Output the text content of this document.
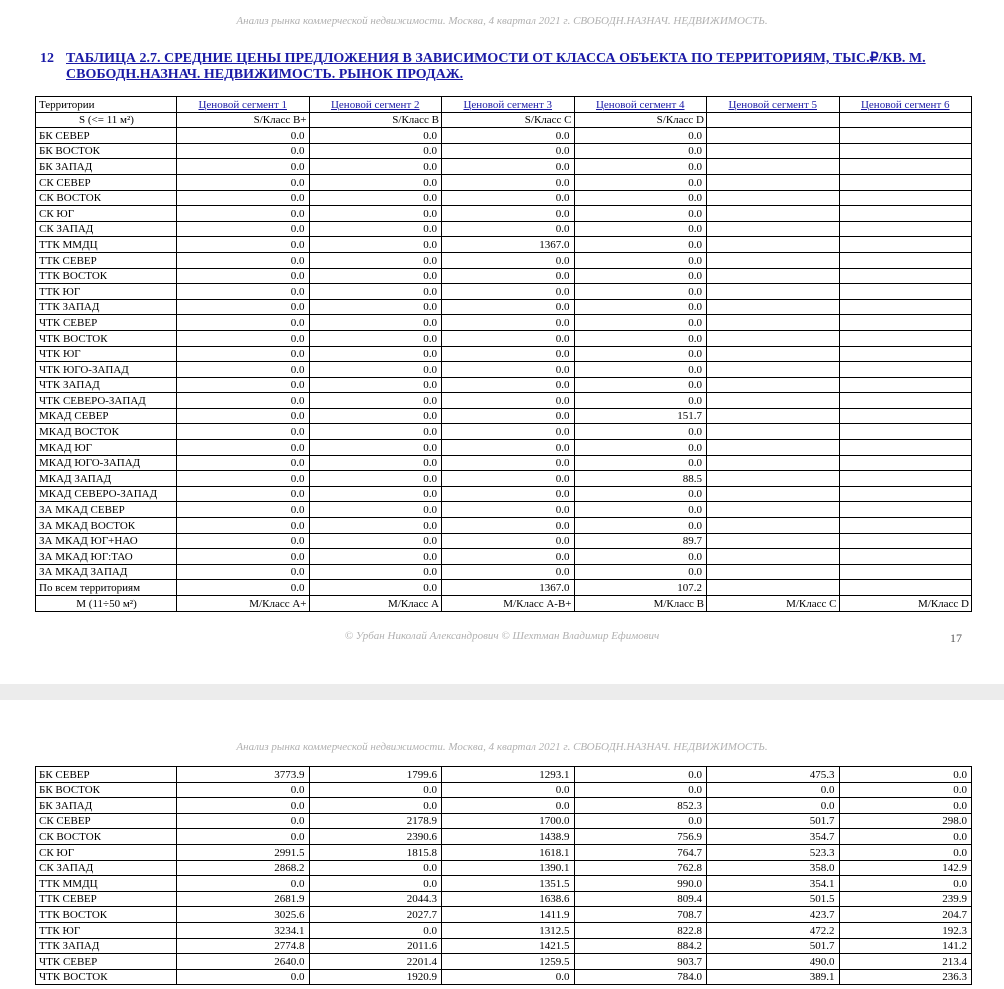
Анализ рынка коммерческой недвижимости. Москва, 4 квартал 2021 г. СВОБОДН.НАЗНАЧ. НЕДВИЖИМОСТЬ.
12 ТАБЛИЦА 2.7. СРЕДНИЕ ЦЕНЫ ПРЕДЛОЖЕНИЯ В ЗАВИСИМОСТИ ОТ КЛАССА ОБЪЕКТА ПО ТЕРРИТОРИЯМ, ТЫС.₽/КВ. М. СВОБОДН.НАЗНАЧ. НЕДВИЖИМОСТЬ. РЫНОК ПРОДАЖ.
Территории	Ценовой сегмент 1	Ценовой сегмент 2	Ценовой сегмент 3	Ценовой сегмент 4	Ценовой сегмент 5	Ценовой сегмент 6
S (<= 11 м²)	S/Класс B+	S/Класс B	S/Класс C	S/Класс D		
БК СЕВЕР	0.0	0.0	0.0	0.0		
БК ВОСТОК	0.0	0.0	0.0	0.0		
БК ЗАПАД	0.0	0.0	0.0	0.0		
СК СЕВЕР	0.0	0.0	0.0	0.0		
СК ВОСТОК	0.0	0.0	0.0	0.0		
СК ЮГ	0.0	0.0	0.0	0.0		
СК ЗАПАД	0.0	0.0	0.0	0.0		
ТТК ММДЦ	0.0	0.0	1367.0	0.0		
ТТК СЕВЕР	0.0	0.0	0.0	0.0		
ТТК ВОСТОК	0.0	0.0	0.0	0.0		
ТТК ЮГ	0.0	0.0	0.0	0.0		
ТТК ЗАПАД	0.0	0.0	0.0	0.0		
ЧТК СЕВЕР	0.0	0.0	0.0	0.0		
ЧТК ВОСТОК	0.0	0.0	0.0	0.0		
ЧТК ЮГ	0.0	0.0	0.0	0.0		
ЧТК ЮГО-ЗАПАД	0.0	0.0	0.0	0.0		
ЧТК ЗАПАД	0.0	0.0	0.0	0.0		
ЧТК СЕВЕРО-ЗАПАД	0.0	0.0	0.0	0.0		
МКАД СЕВЕР	0.0	0.0	0.0	151.7		
МКАД ВОСТОК	0.0	0.0	0.0	0.0		
МКАД ЮГ	0.0	0.0	0.0	0.0		
МКАД ЮГО-ЗАПАД	0.0	0.0	0.0	0.0		
МКАД ЗАПАД	0.0	0.0	0.0	88.5		
МКАД СЕВЕРО-ЗАПАД	0.0	0.0	0.0	0.0		
ЗА МКАД СЕВЕР	0.0	0.0	0.0	0.0		
ЗА МКАД ВОСТОК	0.0	0.0	0.0	0.0		
ЗА МКАД ЮГ+НАО	0.0	0.0	0.0	89.7		
ЗА МКАД ЮГ:ТАО	0.0	0.0	0.0	0.0		
ЗА МКАД ЗАПАД	0.0	0.0	0.0	0.0		
По всем территориям	0.0	0.0	1367.0	107.2		
M (11÷50 м²)	M/Класс A+	M/Класс A	M/Класс A-B+	M/Класс B	M/Класс C	M/Класс D
© Урбан Николай Александрович © Шехтман Владимир Ефимович	17
Анализ рынка коммерческой недвижимости. Москва, 4 квартал 2021 г. СВОБОДН.НАЗНАЧ. НЕДВИЖИМОСТЬ.
БК СЕВЕР	3773.9	1799.6	1293.1	0.0	475.3	0.0
БК ВОСТОК	0.0	0.0	0.0	0.0	0.0	0.0
БК ЗАПАД	0.0	0.0	0.0	852.3	0.0	0.0
СК СЕВЕР	0.0	2178.9	1700.0	0.0	501.7	298.0
СК ВОСТОК	0.0	2390.6	1438.9	756.9	354.7	0.0
СК ЮГ	2991.5	1815.8	1618.1	764.7	523.3	0.0
СК ЗАПАД	2868.2	0.0	1390.1	762.8	358.0	142.9
ТТК ММДЦ	0.0	0.0	1351.5	990.0	354.1	0.0
ТТК СЕВЕР	2681.9	2044.3	1638.6	809.4	501.5	239.9
ТТК ВОСТОК	3025.6	2027.7	1411.9	708.7	423.7	204.7
ТТК ЮГ	3234.1	0.0	1312.5	822.8	472.2	192.3
ТТК ЗАПАД	2774.8	2011.6	1421.5	884.2	501.7	141.2
ЧТК СЕВЕР	2640.0	2201.4	1259.5	903.7	490.0	213.4
ЧТК ВОСТОК	0.0	1920.9	0.0	784.0	389.1	236.3
